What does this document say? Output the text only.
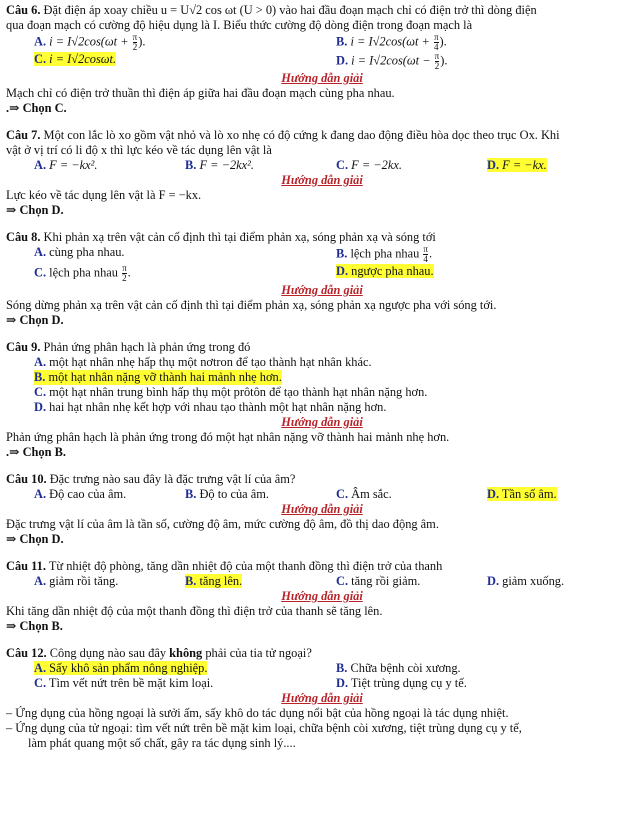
Câu 6. Đặt điện áp xoay chiều u = U√2 cos ωt (U > 0) vào hai đầu đoạn mạch chỉ có điện trở thì dòng điện
qua đoạn mạch có cường độ hiệu dụng là I. Biểu thức cường độ dòng điện trong đoạn mạch là
A. $i = I√2\cos(\omega t + \frac{\pi}{2}$ ).	B. $i = I√2\cos(\omega t + \frac{\pi}{4}$ ).
C. i = I√2cosωt.	D. $i = I√2\cos(\omega t - \frac{\pi}{2}$ ).
Hướng dẫn giải
Mạch chỉ có điện trở thuần thì điện áp giữa hai đầu đoạn mạch cùng pha nhau.
.⇒ Chọn C.
Câu 7. Một con lắc lò xo gồm vật nhỏ và lò xo nhẹ có độ cứng k đang dao động điều hòa dọc theo trục Ox. Khi
vật ở vị trí có li độ x thì lực kéo về tác dụng lên vật là
A. F = −kx².	B. F = −2kx².	C. F = −2kx.	D. F = −kx.
Hướng dẫn giải
Lực kéo về tác dụng lên vật là F = −kx.
⇒ Chọn D.
Câu 8. Khi phản xạ trên vật cản cố định thì tại điểm phản xạ, sóng phản xạ và sóng tới
A. cùng pha nhau.	B. lệch pha nhau $\frac{\pi}{4}$ .
C. lệch pha nhau $\frac{\pi}{2}$ .	D. ngược pha nhau.
Hướng dẫn giải
Sóng dừng phản xạ trên vật cản cố định thì tại điểm phản xạ, sóng phản xạ ngược pha với sóng tới.
⇒ Chọn D.
Câu 9. Phản ứng phân hạch là phản ứng trong đó
A.
một hạt nhân nhẹ hấp thụ một nơtron để tạo thành hạt nhân khác.
B. một hạt nhân nặng vỡ thành hai mảnh nhẹ hơn.
C.
một hạt nhân trung bình hấp thụ một prôtôn để tạo thành hạt nhân nặng hơn.
D.
hai hạt nhân nhẹ kết hợp với nhau tạo thành một hạt nhân nặng hơn.
Hướng dẫn giải
Phản ứng phân hạch là phản ứng trong đó một hạt nhân nặng vỡ thành hai mảnh nhẹ hơn.
.⇒ Chọn B.
Câu 10. Đặc trưng nào sau đây là đặc trưng vật lí của âm?
A. Độ cao của âm.	B. Độ to của âm.	C. Âm sắc.	D. Tần số âm.
Hướng dẫn giải
Đặc trưng vật lí của âm là tần số, cường độ âm, mức cường độ âm, đồ thị dao động âm.
⇒ Chọn D.
Câu 11. Từ nhiệt độ phòng, tăng dần nhiệt độ của một thanh đồng thì điện trở của thanh
A. giảm rồi tăng.	B. tăng lên.	C. tăng rồi giảm.	D. giảm xuống.
Hướng dẫn giải
Khi tăng dần nhiệt độ của một thanh đồng thì điện trở của thanh sẽ tăng lên.
⇒ Chọn B.
Câu 12. Công dụng nào sau đây không phải của tia tử ngoại?
A. Sấy khô sản phẩm nông nghiệp.	B. Chữa bệnh còi xương.
C. Tìm vết nứt trên bề mặt kim loại.	D. Tiệt trùng dụng cụ y tế.
Hướng dẫn giải
– Ứng dụng của hồng ngoại là sưởi ấm, sấy khô do tác dụng nổi bật của hồng ngoại là tác dụng nhiệt.
– Ứng dụng của tử ngoại: tìm vết nứt trên bề mặt kim loại, chữa bệnh còi xương, tiệt trùng dụng cụ y tế,
làm phát quang một số chất, gây ra tác dụng sinh lý....
